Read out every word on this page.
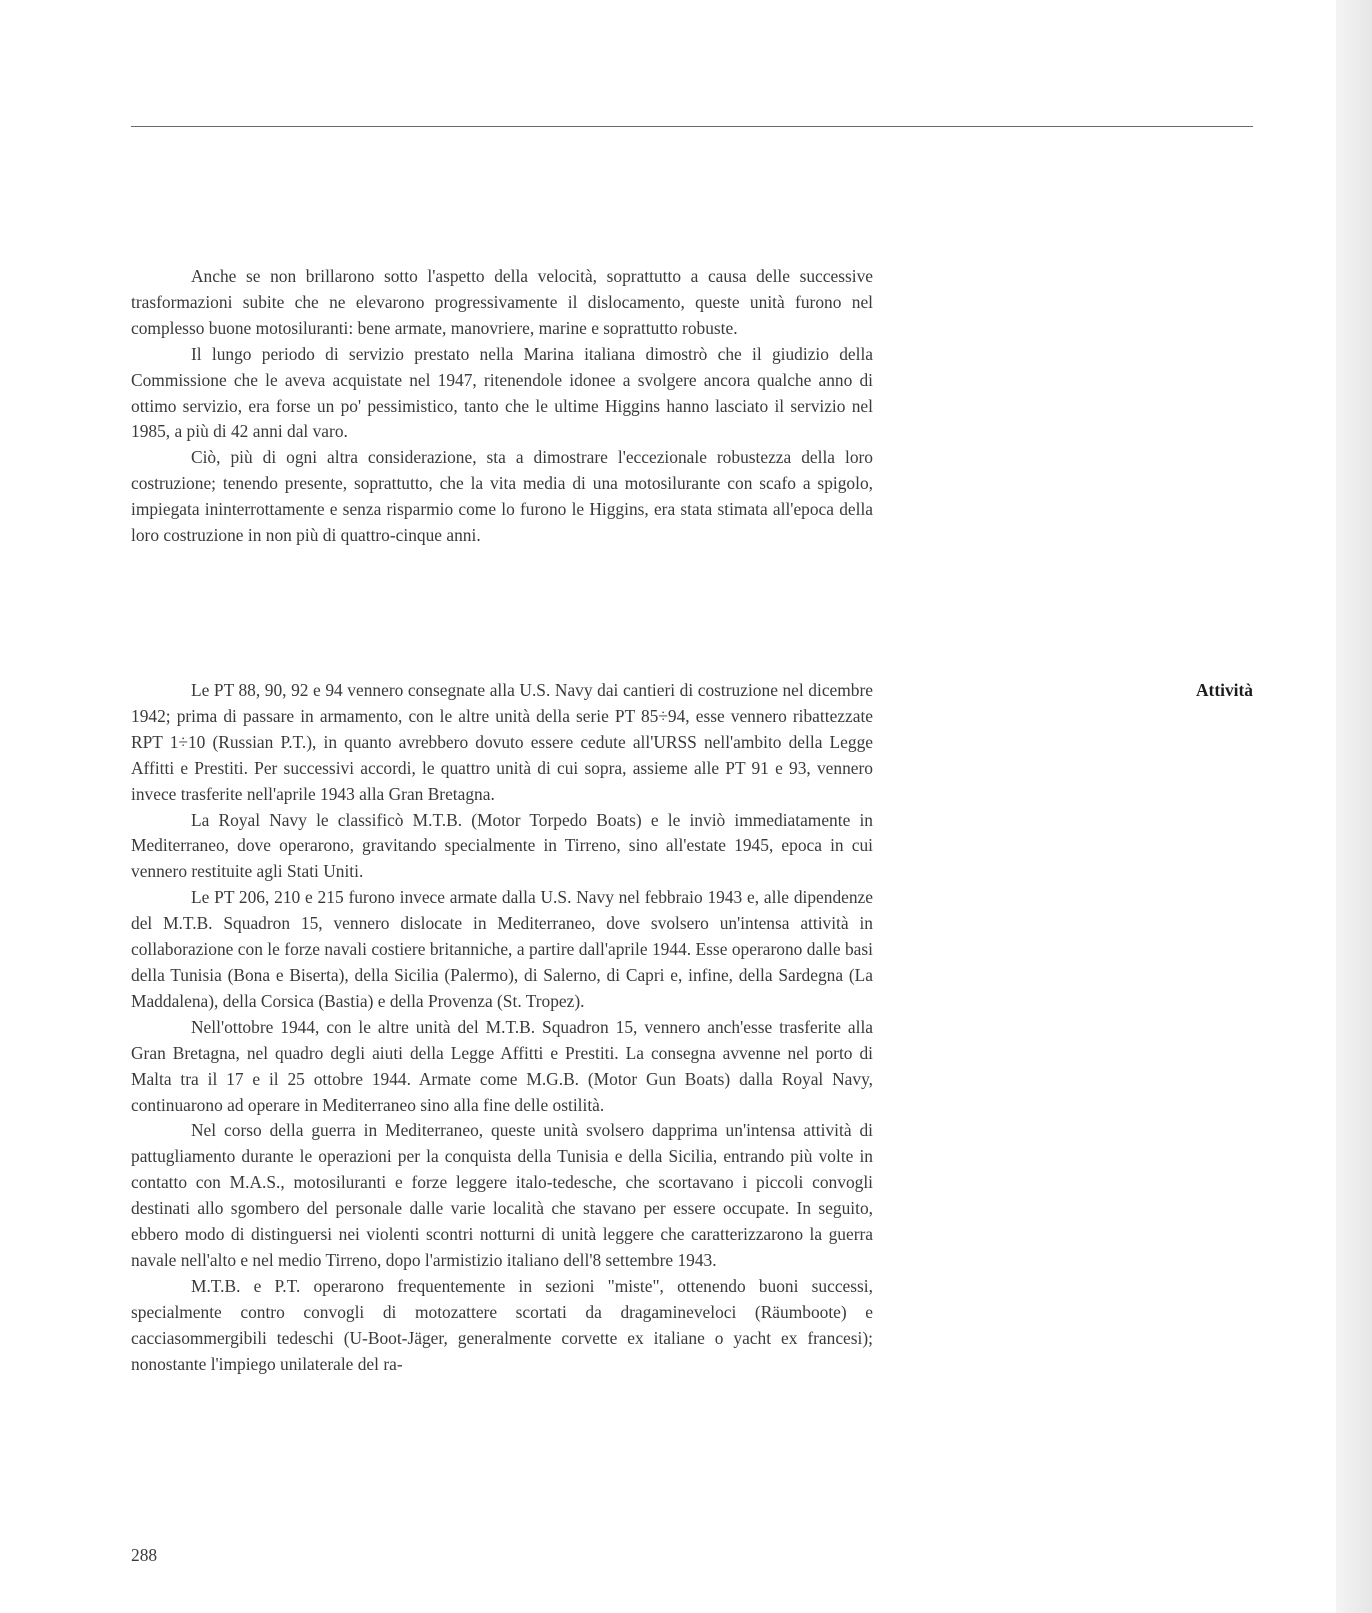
Anche se non brillarono sotto l'aspetto della velocità, soprattutto a causa delle successive trasformazioni subite che ne elevarono progressivamente il dislocamento, queste unità furono nel complesso buone motosiluranti: bene armate, manovriere, marine e soprattutto robuste.

Il lungo periodo di servizio prestato nella Marina italiana dimostrò che il giudizio della Commissione che le aveva acquistate nel 1947, ritenendole idonee a svolgere ancora qualche anno di ottimo servizio, era forse un po' pessimistico, tanto che le ultime Higgins hanno lasciato il servizio nel 1985, a più di 42 anni dal varo.

Ciò, più di ogni altra considerazione, sta a dimostrare l'eccezionale robustezza della loro costruzione; tenendo presente, soprattutto, che la vita media di una motosilurante con scafo a spigolo, impiegata ininterrottamente e senza risparmio come lo furono le Higgins, era stata stimata all'epoca della loro costruzione in non più di quattro-cinque anni.

Attività

Le PT 88, 90, 92 e 94 vennero consegnate alla U.S. Navy dai cantieri di costruzione nel dicembre 1942; prima di passare in armamento, con le altre unità della serie PT 85÷94, esse vennero ribattezzate RPT 1÷10 (Russian P.T.), in quanto avrebbero dovuto essere cedute all'URSS nell'ambito della Legge Affitti e Prestiti. Per successivi accordi, le quattro unità di cui sopra, assieme alle PT 91 e 93, vennero invece trasferite nell'aprile 1943 alla Gran Bretagna.

La Royal Navy le classificò M.T.B. (Motor Torpedo Boats) e le inviò immediatamente in Mediterraneo, dove operarono, gravitando specialmente in Tirreno, sino all'estate 1945, epoca in cui vennero restituite agli Stati Uniti.

Le PT 206, 210 e 215 furono invece armate dalla U.S. Navy nel febbraio 1943 e, alle dipendenze del M.T.B. Squadron 15, vennero dislocate in Mediterraneo, dove svolsero un'intensa attività in collaborazione con le forze navali costiere britanniche, a partire dall'aprile 1944. Esse operarono dalle basi della Tunisia (Bona e Biserta), della Sicilia (Palermo), di Salerno, di Capri e, infine, della Sardegna (La Maddalena), della Corsica (Bastia) e della Provenza (St. Tropez).

Nell'ottobre 1944, con le altre unità del M.T.B. Squadron 15, vennero anch'esse trasferite alla Gran Bretagna, nel quadro degli aiuti della Legge Affitti e Prestiti. La consegna avvenne nel porto di Malta tra il 17 e il 25 ottobre 1944. Armate come M.G.B. (Motor Gun Boats) dalla Royal Navy, continuarono ad operare in Mediterraneo sino alla fine delle ostilità.

Nel corso della guerra in Mediterraneo, queste unità svolsero dapprima un'intensa attività di pattugliamento durante le operazioni per la conquista della Tunisia e della Sicilia, entrando più volte in contatto con M.A.S., motosiluranti e forze leggere italo-tedesche, che scortavano i piccoli convogli destinati allo sgombero del personale dalle varie località che stavano per essere occupate. In seguito, ebbero modo di distinguersi nei violenti scontri notturni di unità leggere che caratterizzarono la guerra navale nell'alto e nel medio Tirreno, dopo l'armistizio italiano dell'8 settembre 1943.

M.T.B. e P.T. operarono frequentemente in sezioni "miste", ottenendo buoni successi, specialmente contro convogli di motozattere scortati da dragamineveloci (Räumboote) e cacciasommergibili tedeschi (U-Boot-Jäger, generalmente corvette ex italiane o yacht ex francesi); nonostante l'impiego unilaterale del ra-

288
